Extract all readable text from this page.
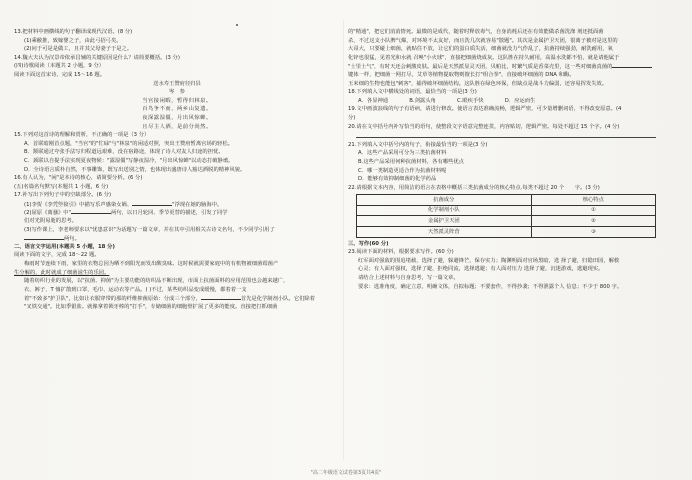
13.把材料中画横线的句子翻译成现代汉语。(8 分)
(1)乘敝推，致嫁婴之子，由此弓招弓矣。
(2)问于可是是做工，且并其父母妻子于是之。
14.魏大夫认为汉景帝依承昌辅的关键原因是什么？请简要概括。(3 分)
(四)诗歌阅读（本题共 2 小题，9 分）
阅读下面这首宋诗，完成 15～16 题。
送水寿王赞府径归县
岑　参
当官接闲暇，暂得归林泉。
百鸟争不而，两乡山复遗。
夜深露湿僵，月出风惊蝉。
且尽主人酒，是前分尚然。
15.下列对这首诗的理解和赏析，不正确的一项是（3 分）
A．首联暗刚首点题，"当官"的"忙碌"与"林泉"的闲适对照，突出王赞府暂离官场的轻松。
B．颔联通过夸张手法写归程道远艰难，没在宿路途，体现了诗人对友人归途的担忧。
C．颈联以自提手法实现夏夜物候："露湿僵"写静夜湿冷，"月出风惊蝉"以动态打破静谧。
D．全诗语言质朴自然，不事雕饰，既写出送别之情，也体现出盛唐诗人豁达洒脱的精神风貌。
16.有人认为，"闲"是本诗的核心，请简要分析。(6 分)
(五)名篇名句默写(本题共 1 小题，6 分)
17.补写出下列句子中的空缺部分。(6 分)
(1)李贺《李凭箜篌引》中描写乐声感染女娲、	"浮现在她的脑海中。
(2)屈原《离骚》中"	两句，以日月轮回、季节更替的描述，引发了同学
们对光阴易逝的思考。
(3)写作课上，李老师要求以"忧患意识"为话题写一篇文章，并在其中引用相关古诗文名句，不少同学引用了
两句。
二、语言文字运用(本题共 5 小题，18 分)
阅读下面的文字，完成 18～22 题。
梅雨时节连续下雨，家里的衣物总因为晒不到阳光而发出酸臭味。这时候就需要家庭中的有机物被细菌霉菌产
生分解的，此时就成了细菌滋生的乐园。
随着纺织行业的发展，以"抗菌、抑菌"为主要功能的纺织品不断出现，市面上抗菌面料的应用范围也会越来越广，
衣、裤子、T 恤扩散到口罩、毛巾、运动衣等产品。( )不过，某些纺织品变成缓慢，都着着一支
着"不致多"护卫队"，比如让衣服穿带的那的纤维抑菌原始：分成三个部分，	首先是化学制剂小队。它们除着
"叉铁交通"。比如季银盐。就像拿着锁牙棒的"打手"，专储细菌的细胞壁扩展了更多的能度。直接把打抓细菌
的"精通"，把它们消消情死。最微的是成代，随着时释放毒气，自身消耗后还在有效能做杀菌洗涤 剂还抵面菌
杀，不过这支小队脾气爆，对环境不太友好，而且洗几次就容易"散题"。其次是金属护卫天团，很离子被对是这里的
大哥大，只要碰上细菌，就贴住不放，让它们的蛋白质失活，细菌就没力气作乱了，抗菌持续强劲，耐洗耐用，氧
化锌也很猛，见着光和水就 召唤"小火球"，直接把细菌烧成灰。这队胜在持久耐用，高温水洗都不怕，就是请他属于
"士里士气"，有时天还会刺激皮肤。最后是天然派显灵天团，贝帕比，时繁气质是香菜壳里，这一些对细菌真菌的
键体一样，把细菌一网打尽，艾草等植物提取物则擅长打"组合拳"，直接破坏细菌的 DNA 和酶。
玉米细的生物也能包"刺客"，捕得破坏细菌结构。这队胜在绿色环保，但缺点是战斗力偏弱，还容易挥发失效。
18.下列填入文中横线处的词语，最恰当的一项是(3 分)
A．各显神通　　　　B.剑露头角　　　　C.眼疾手快　　　　D．应运而生
19.文中画波浪线的句子有语病，请进行修改。使语言表达准确流畅，逻辑严密，可少量增删词语，不得改变原意。(4
分)
20.请在文中括号内补写恰当的语句，使整段文字语意完整连贯，内容贴切，逻辑严密。每处不超过 15 个字。(4 分)
21.下列填入文中括号内的句子，衔接最恰当的一项是(3 分)
A．这些产品采用可分为三类抗菌材料
B.这些产品采用何种抗菌材料，各有哪些优点
C．哪一类制造更适合作为抗菌材料呢
D．能够有效抑制细菌的化学药品
22.请根据文本内容，用简洁的语言在表格中概括三类抗菌成分的核心特点.每类不超过 20 个　　字。(3 分)
抗菌成分	核心特点
化学制剂小队	①
金属护卫天团	②
天然派灵阵营	③
三、写作(60 分)
23.阅读下面的材料，根据要求写作。(60 分)
红军面对强敌的围追堵截，选择了避，躲避锋芒，保存实力；陶渊明面对官场黑暗，选 择了避，归隐田园，解救
心灵；有人面对强权，选择了避，拒绝同流，选择逃避；有人面对压力 选择了避，沉迷游戏，逃避现实。
请结合上述材料与自身思考，写一篇文章。
要求：选准角度，确定立意，明确文体，自拟标题；不要套作，不得抄袭；不得泄露个人 信息；不少于 800 字。
"高二年级语文试卷第3页共4页"
